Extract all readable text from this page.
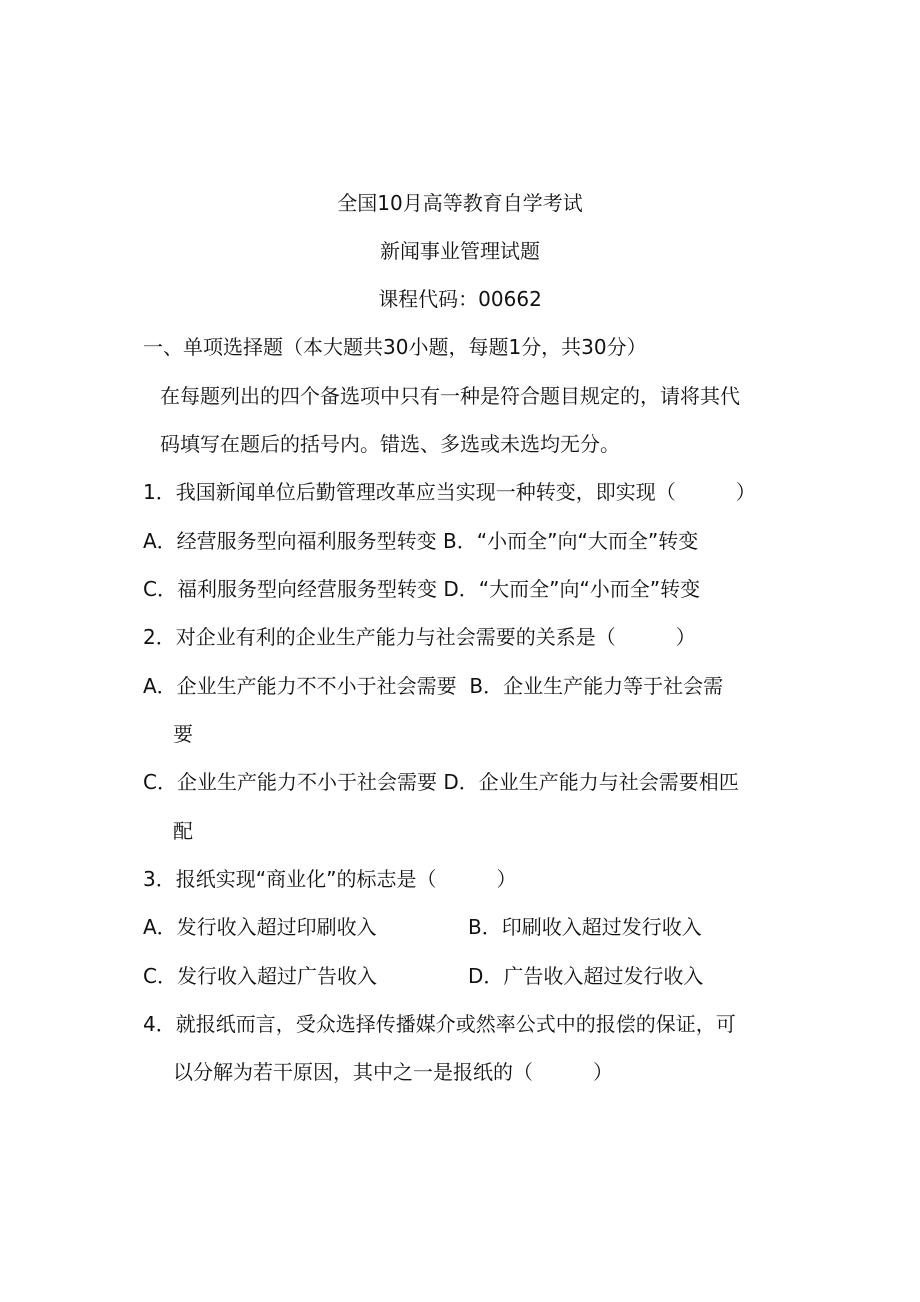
全国10月高等教育自学考试
新闻事业管理试题
课程代码：00662
一、单项选择题（本大题共30小题，每题1分，共30分）
在每题列出的四个备选项中只有一种是符合题目规定的，请将其代
码填写在题后的括号内。错选、多选或未选均无分。
1．我国新闻单位后勤管理改革应当实现一种转变，即实现（　　　）
A．经营服务型向福利服务型转变 B．“小而全”向“大而全”转变
C．福利服务型向经营服务型转变 D．“大而全”向“小而全”转变
2．对企业有利的企业生产能力与社会需要的关系是（　　　）
A．企业生产能力不不小于社会需要  B．企业生产能力等于社会需
要
C．企业生产能力不小于社会需要 D．企业生产能力与社会需要相匹
配
3．报纸实现“商业化”的标志是（　　　）
A．发行收入超过印刷收入	B．印刷收入超过发行收入
C．发行收入超过广告收入	D．广告收入超过发行收入
4．就报纸而言，受众选择传播媒介或然率公式中的报偿的保证，可
以分解为若干原因，其中之一是报纸的（　　　）
